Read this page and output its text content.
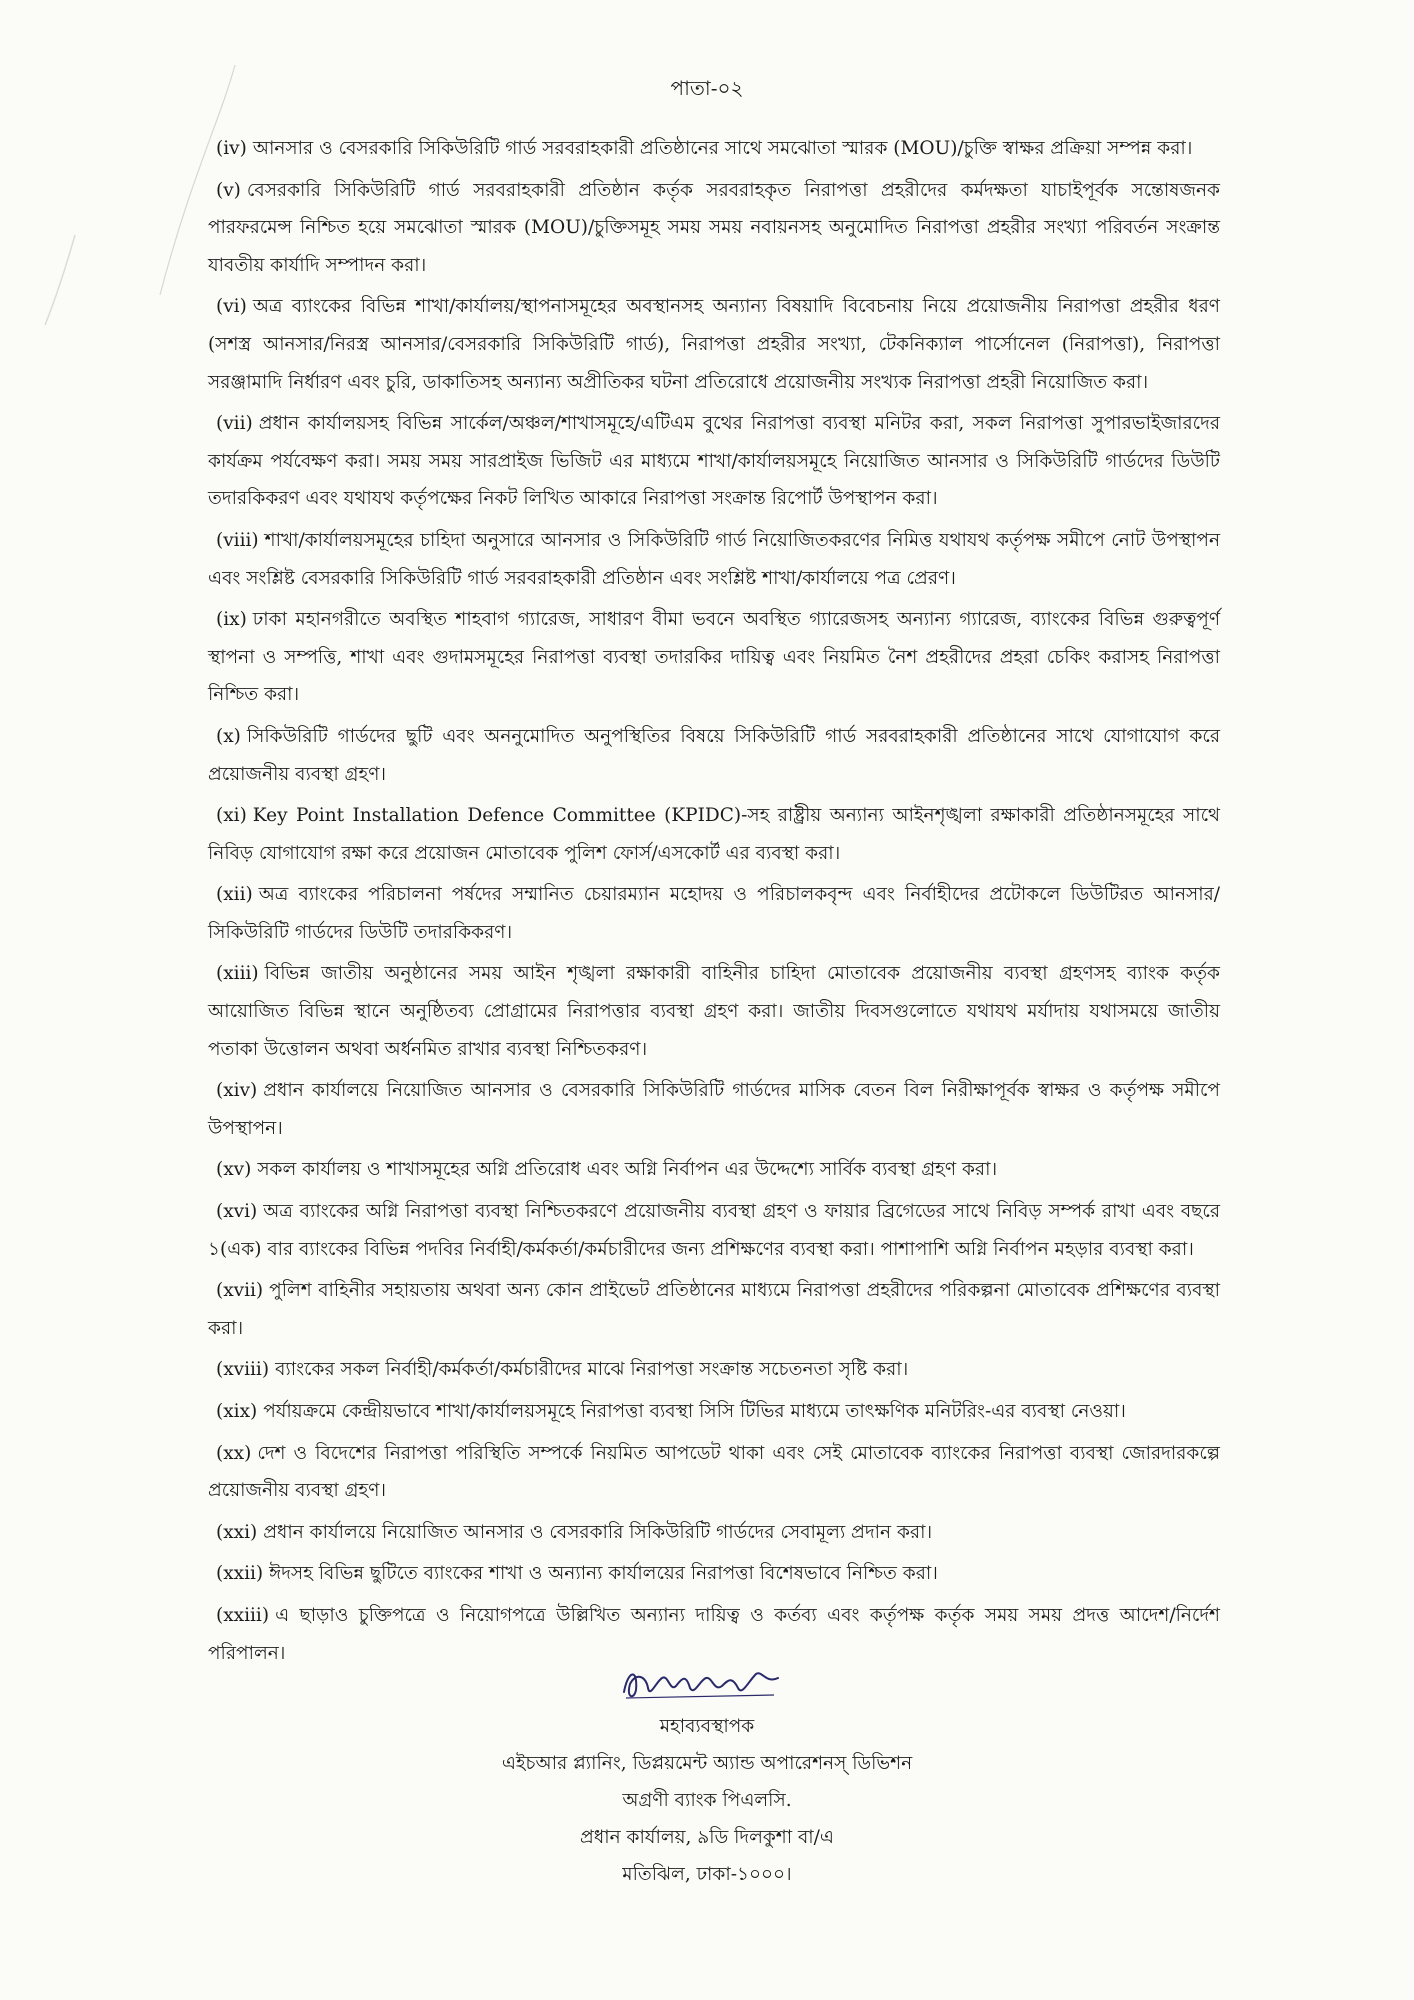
পাতা-০২

(iv) আনসার ও বেসরকারি সিকিউরিটি গার্ড সরবরাহকারী প্রতিষ্ঠানের সাথে সমঝোতা স্মারক (MOU)/চুক্তি স্বাক্ষর প্রক্রিয়া সম্পন্ন করা।

(v) বেসরকারি সিকিউরিটি গার্ড সরবরাহকারী প্রতিষ্ঠান কর্তৃক সরবরাহকৃত নিরাপত্তা প্রহরীদের কর্মদক্ষতা যাচাইপূর্বক সন্তোষজনক পারফরমেন্স নিশ্চিত হয়ে সমঝোতা স্মারক (MOU)/চুক্তিসমূহ সময় সময় নবায়নসহ অনুমোদিত নিরাপত্তা প্রহরীর সংখ্যা পরিবর্তন সংক্রান্ত যাবতীয় কার্যাদি সম্পাদন করা।

(vi) অত্র ব্যাংকের বিভিন্ন শাখা/কার্যালয়/স্থাপনাসমূহের অবস্থানসহ অন্যান্য বিষয়াদি বিবেচনায় নিয়ে প্রয়োজনীয় নিরাপত্তা প্রহরীর ধরণ (সশস্ত্র আনসার/নিরস্ত্র আনসার/বেসরকারি সিকিউরিটি গার্ড), নিরাপত্তা প্রহরীর সংখ্যা, টেকনিক্যাল পার্সোনেল (নিরাপত্তা), নিরাপত্তা সরঞ্জামাদি নির্ধারণ এবং চুরি, ডাকাতিসহ অন্যান্য অপ্রীতিকর ঘটনা প্রতিরোধে প্রয়োজনীয় সংখ্যক নিরাপত্তা প্রহরী নিয়োজিত করা।

(vii) প্রধান কার্যালয়সহ বিভিন্ন সার্কেল/অঞ্চল/শাখাসমূহে/এটিএম বুথের নিরাপত্তা ব্যবস্থা মনিটর করা, সকল নিরাপত্তা সুপারভাইজারদের কার্যক্রম পর্যবেক্ষণ করা। সময় সময় সারপ্রাইজ ভিজিট এর মাধ্যমে শাখা/কার্যালয়সমূহে নিয়োজিত আনসার ও সিকিউরিটি গার্ডদের ডিউটি তদারকিকরণ এবং যথাযথ কর্তৃপক্ষের নিকট লিখিত আকারে নিরাপত্তা সংক্রান্ত রিপোর্ট উপস্থাপন করা।

(viii) শাখা/কার্যালয়সমূহের চাহিদা অনুসারে আনসার ও সিকিউরিটি গার্ড নিয়োজিতকরণের নিমিত্ত যথাযথ কর্তৃপক্ষ সমীপে নোট উপস্থাপন এবং সংশ্লিষ্ট বেসরকারি সিকিউরিটি গার্ড সরবরাহকারী প্রতিষ্ঠান এবং সংশ্লিষ্ট শাখা/কার্যালয়ে পত্র প্রেরণ।

(ix) ঢাকা মহানগরীতে অবস্থিত শাহবাগ গ্যারেজ, সাধারণ বীমা ভবনে অবস্থিত গ্যারেজসহ অন্যান্য গ্যারেজ, ব্যাংকের বিভিন্ন গুরুত্বপূর্ণ স্থাপনা ও সম্পত্তি, শাখা এবং গুদামসমূহের নিরাপত্তা ব্যবস্থা তদারকির দায়িত্ব এবং নিয়মিত নৈশ প্রহরীদের প্রহরা চেকিং করাসহ নিরাপত্তা নিশ্চিত করা।

(x) সিকিউরিটি গার্ডদের ছুটি এবং অননুমোদিত অনুপস্থিতির বিষয়ে সিকিউরিটি গার্ড সরবরাহকারী প্রতিষ্ঠানের সাথে যোগাযোগ করে প্রয়োজনীয় ব্যবস্থা গ্রহণ।

(xi) Key Point Installation Defence Committee (KPIDC)-সহ রাষ্ট্রীয় অন্যান্য আইনশৃঙ্খলা রক্ষাকারী প্রতিষ্ঠানসমূহের সাথে নিবিড় যোগাযোগ রক্ষা করে প্রয়োজন মোতাবেক পুলিশ ফোর্স/এসকোর্ট এর ব্যবস্থা করা।

(xii) অত্র ব্যাংকের পরিচালনা পর্ষদের সম্মানিত চেয়ারম্যান মহোদয় ও পরিচালকবৃন্দ এবং নির্বাহীদের প্রটোকলে ডিউটিরত আনসার/ সিকিউরিটি গার্ডদের ডিউটি তদারকিকরণ।

(xiii) বিভিন্ন জাতীয় অনুষ্ঠানের সময় আইন শৃঙ্খলা রক্ষাকারী বাহিনীর চাহিদা মোতাবেক প্রয়োজনীয় ব্যবস্থা গ্রহণসহ ব্যাংক কর্তৃক আয়োজিত বিভিন্ন স্থানে অনুষ্ঠিতব্য প্রোগ্রামের নিরাপত্তার ব্যবস্থা গ্রহণ করা। জাতীয় দিবসগুলোতে যথাযথ মর্যাদায় যথাসময়ে জাতীয় পতাকা উত্তোলন অথবা অর্ধনমিত রাখার ব্যবস্থা নিশ্চিতকরণ।

(xiv) প্রধান কার্যালয়ে নিয়োজিত আনসার ও বেসরকারি সিকিউরিটি গার্ডদের মাসিক বেতন বিল নিরীক্ষাপূর্বক স্বাক্ষর ও কর্তৃপক্ষ সমীপে উপস্থাপন।

(xv) সকল কার্যালয় ও শাখাসমূহের অগ্নি প্রতিরোধ এবং অগ্নি নির্বাপন এর উদ্দেশ্যে সার্বিক ব্যবস্থা গ্রহণ করা।

(xvi) অত্র ব্যাংকের অগ্নি নিরাপত্তা ব্যবস্থা নিশ্চিতকরণে প্রয়োজনীয় ব্যবস্থা গ্রহণ ও ফায়ার ব্রিগেডের সাথে নিবিড় সম্পর্ক রাখা এবং বছরে ১(এক) বার ব্যাংকের বিভিন্ন পদবির নির্বাহী/কর্মকর্তা/কর্মচারীদের জন্য প্রশিক্ষণের ব্যবস্থা করা। পাশাপাশি অগ্নি নির্বাপন মহড়ার ব্যবস্থা করা।

(xvii) পুলিশ বাহিনীর সহায়তায় অথবা অন্য কোন প্রাইভেট প্রতিষ্ঠানের মাধ্যমে নিরাপত্তা প্রহরীদের পরিকল্পনা মোতাবেক প্রশিক্ষণের ব্যবস্থা করা।

(xviii) ব্যাংকের সকল নির্বাহী/কর্মকর্তা/কর্মচারীদের মাঝে নিরাপত্তা সংক্রান্ত সচেতনতা সৃষ্টি করা।

(xix) পর্যায়ক্রমে কেন্দ্রীয়ভাবে শাখা/কার্যালয়সমূহে নিরাপত্তা ব্যবস্থা সিসি টিভির মাধ্যমে তাৎক্ষণিক মনিটরিং-এর ব্যবস্থা নেওয়া।

(xx) দেশ ও বিদেশের নিরাপত্তা পরিস্থিতি সম্পর্কে নিয়মিত আপডেট থাকা এবং সেই মোতাবেক ব্যাংকের নিরাপত্তা ব্যবস্থা জোরদারকল্পে প্রয়োজনীয় ব্যবস্থা গ্রহণ।

(xxi) প্রধান কার্যালয়ে নিয়োজিত আনসার ও বেসরকারি সিকিউরিটি গার্ডদের সেবামূল্য প্রদান করা।

(xxii) ঈদসহ বিভিন্ন ছুটিতে ব্যাংকের শাখা ও অন্যান্য কার্যালয়ের নিরাপত্তা বিশেষভাবে নিশ্চিত করা।

(xxiii) এ ছাড়াও চুক্তিপত্রে ও নিয়োগপত্রে উল্লিখিত অন্যান্য দায়িত্ব ও কর্তব্য এবং কর্তৃপক্ষ কর্তৃক সময় সময় প্রদত্ত আদেশ/নির্দেশ পরিপালন।

মহাব্যবস্থাপক
এইচআর প্ল্যানিং, ডিপ্লয়মেন্ট অ্যান্ড অপারেশনস্ ডিভিশন
অগ্রণী ব্যাংক পিএলসি.
প্রধান কার্যালয়, ৯ডি দিলকুশা বা/এ
মতিঝিল, ঢাকা-১০০০।
